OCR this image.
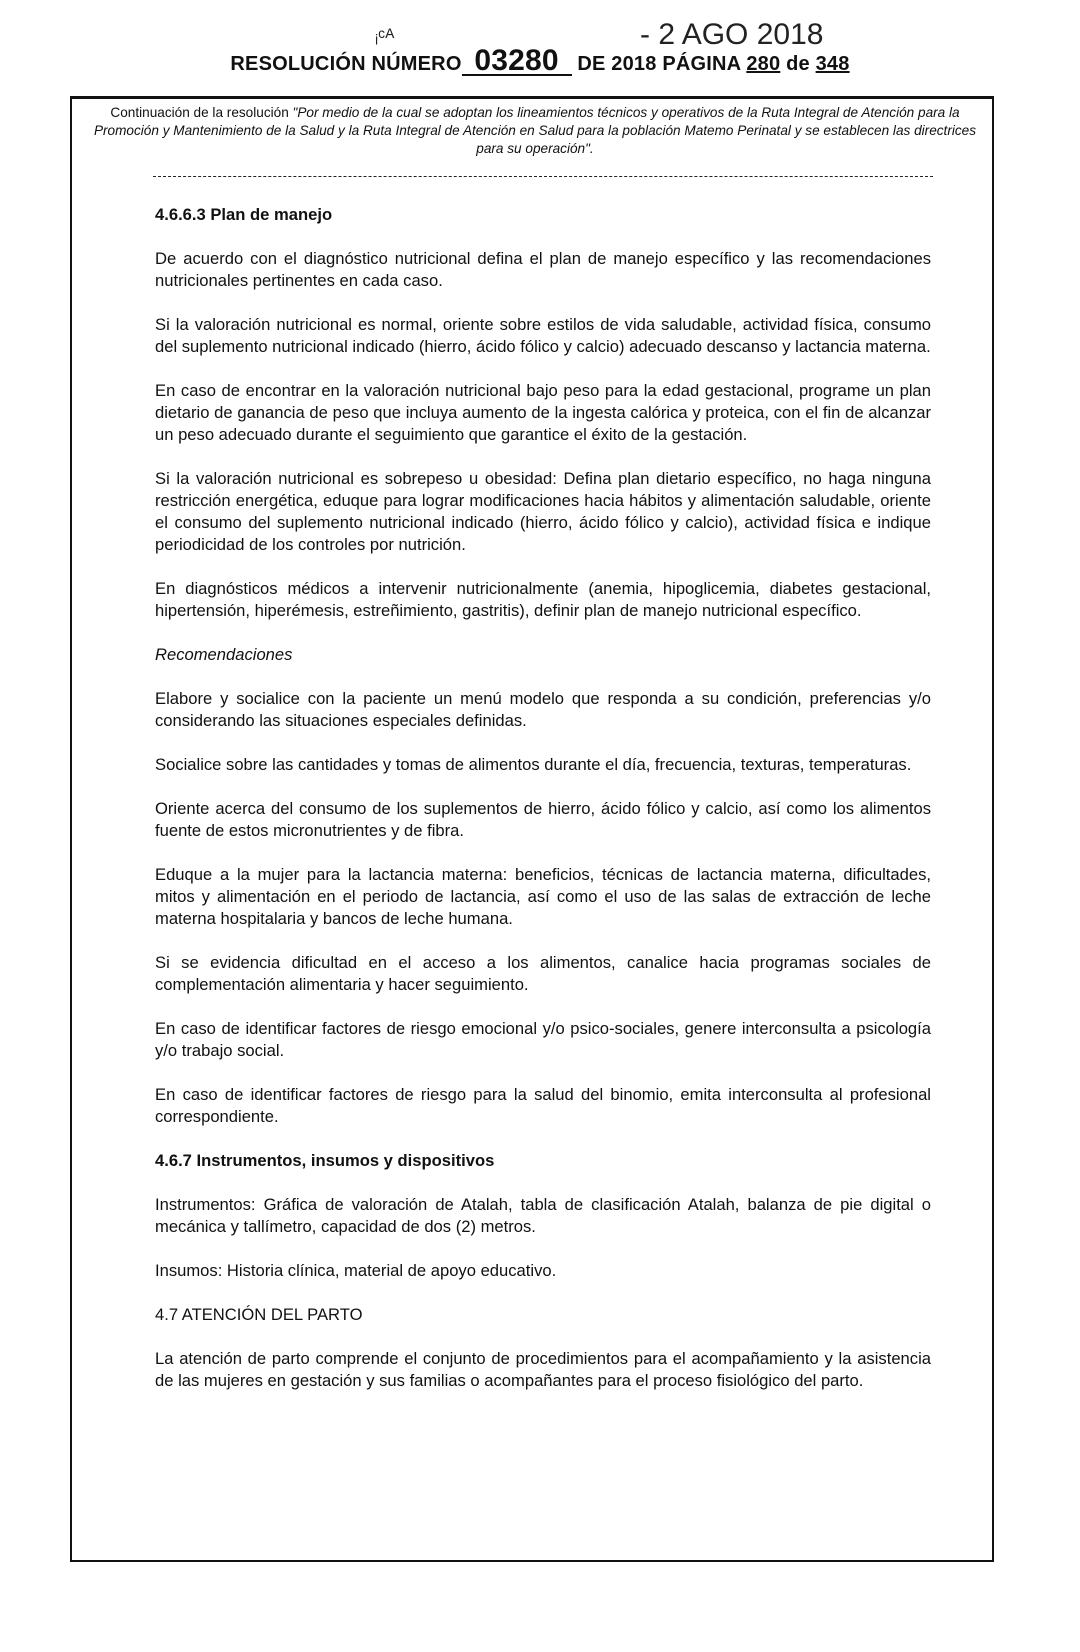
ᵢᶜᴬ	- 2 AGO 2018
RESOLUCIÓN NÚMERO 03280 DE 2018 PÁGINA 280 de 348
Continuación de la resolución "Por medio de la cual se adoptan los lineamientos técnicos y operativos de la Ruta Integral de Atención para la Promoción y Mantenimiento de la Salud y la Ruta Integral de Atención en Salud para la población Matemo Perinatal y se establecen las directrices para su operación".
4.6.6.3 Plan de manejo

De acuerdo con el diagnóstico nutricional defina el plan de manejo específico y las recomendaciones nutricionales pertinentes en cada caso.

Si la valoración nutricional es normal, oriente sobre estilos de vida saludable, actividad física, consumo del suplemento nutricional indicado (hierro, ácido fólico y calcio) adecuado descanso y lactancia materna.

En caso de encontrar en la valoración nutricional bajo peso para la edad gestacional, programe un plan dietario de ganancia de peso que incluya aumento de la ingesta calórica y proteica, con el fin de alcanzar un peso adecuado durante el seguimiento que garantice el éxito de la gestación.

Si la valoración nutricional es sobrepeso u obesidad: Defina plan dietario específico, no haga ninguna restricción energética, eduque para lograr modificaciones hacia hábitos y alimentación saludable, oriente el consumo del suplemento nutricional indicado (hierro, ácido fólico y calcio), actividad física e indique periodicidad de los controles por nutrición.

En diagnósticos médicos a intervenir nutricionalmente (anemia, hipoglicemia, diabetes gestacional, hipertensión, hiperémesis, estreñimiento, gastritis), definir plan de manejo nutricional específico.

Recomendaciones

Elabore y socialice con la paciente un menú modelo que responda a su condición, preferencias y/o considerando las situaciones especiales definidas.

Socialice sobre las cantidades y tomas de alimentos durante el día, frecuencia, texturas, temperaturas.

Oriente acerca del consumo de los suplementos de hierro, ácido fólico y calcio, así como los alimentos fuente de estos micronutrientes y de fibra.

Eduque a la mujer para la lactancia materna: beneficios, técnicas de lactancia materna, dificultades, mitos y alimentación en el periodo de lactancia, así como el uso de las salas de extracción de leche materna hospitalaria y bancos de leche humana.

Si se evidencia dificultad en el acceso a los alimentos, canalice hacia programas sociales de complementación alimentaria y hacer seguimiento.

En caso de identificar factores de riesgo emocional y/o psico-sociales, genere interconsulta a psicología y/o trabajo social.

En caso de identificar factores de riesgo para la salud del binomio, emita interconsulta al profesional correspondiente.

4.6.7 Instrumentos, insumos y dispositivos

Instrumentos: Gráfica de valoración de Atalah, tabla de clasificación Atalah, balanza de pie digital o mecánica y tallímetro, capacidad de dos (2) metros.

Insumos: Historia clínica, material de apoyo educativo.

4.7 ATENCIÓN DEL PARTO

La atención de parto comprende el conjunto de procedimientos para el acompañamiento y la asistencia de las mujeres en gestación y sus familias o acompañantes para el proceso fisiológico del parto.
